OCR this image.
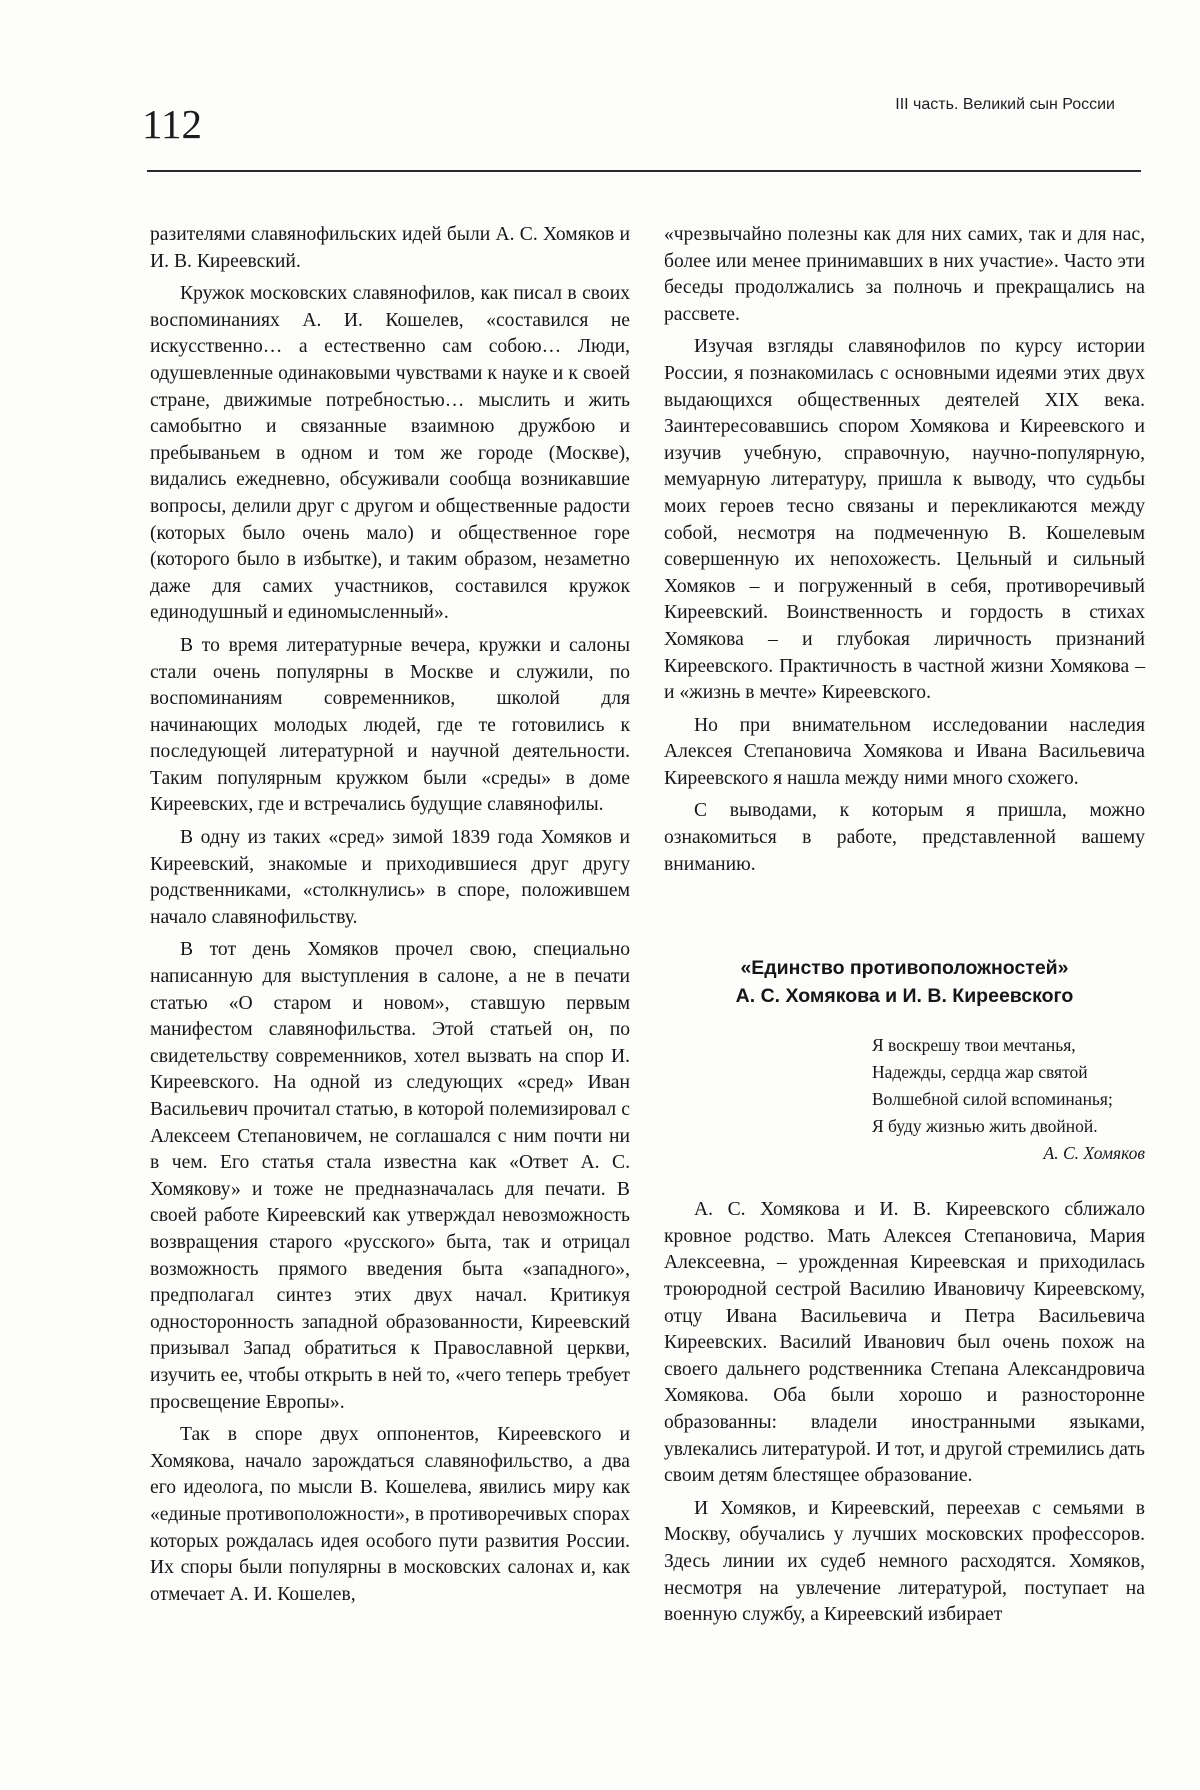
112	III часть. Великий сын России

разителями славянофильских идей были А. С. Хомяков и И. В. Киреевский.

Кружок московских славянофилов, как писал в своих воспоминаниях А. И. Кошелев, «составился не искусственно… а естественно сам собою… Люди, одушевленные одинаковыми чувствами к науке и к своей стране, движимые потребностью… мыслить и жить самобытно и связанные взаимною дружбою и пребываньем в одном и том же городе (Москве), видались ежедневно, обсуживали сообща возникавшие вопросы, делили друг с другом и общественные радости (которых было очень мало) и общественное горе (которого было в избытке), и таким образом, незаметно даже для самих участников, составился кружок единодушный и единомысленный».

В то время литературные вечера, кружки и салоны стали очень популярны в Москве и служили, по воспоминаниям современников, школой для начинающих молодых людей, где те готовились к последующей литературной и научной деятельности. Таким популярным кружком были «среды» в доме Киреевских, где и встречались будущие славянофилы.

В одну из таких «сред» зимой 1839 года Хомяков и Киреевский, знакомые и приходившиеся друг другу родственниками, «столкнулись» в споре, положившем начало славянофильству.

В тот день Хомяков прочел свою, специально написанную для выступления в салоне, а не в печати статью «О старом и новом», ставшую первым манифестом славянофильства. Этой статьей он, по свидетельству современников, хотел вызвать на спор И. Киреевского. На одной из следующих «сред» Иван Васильевич прочитал статью, в которой полемизировал с Алексеем Степановичем, не соглашался с ним почти ни в чем. Его статья стала известна как «Ответ А. С. Хомякову» и тоже не предназначалась для печати. В своей работе Киреевский как утверждал невозможность возвращения старого «русского» быта, так и отрицал возможность прямого введения быта «западного», предполагал синтез этих двух начал. Критикуя односторонность западной образованности, Киреевский призывал Запад обратиться к Православной церкви, изучить ее, чтобы открыть в ней то, «чего теперь требует просвещение Европы».

Так в споре двух оппонентов, Киреевского и Хомякова, начало зарождаться славянофильство, а два его идеолога, по мысли В. Кошелева, явились миру как «единые противоположности», в противоречивых спорах которых рождалась идея особого пути развития России. Их споры были популярны в московских салонах и, как отмечает А. И. Кошелев,

«чрезвычайно полезны как для них самих, так и для нас, более или менее принимавших в них участие». Часто эти беседы продолжались за полночь и прекращались на рассвете.

Изучая взгляды славянофилов по курсу истории России, я познакомилась с основными идеями этих двух выдающихся общественных деятелей XIX века. Заинтересовавшись спором Хомякова и Киреевского и изучив учебную, справочную, научно-популярную, мемуарную литературу, пришла к выводу, что судьбы моих героев тесно связаны и перекликаются между собой, несмотря на подмеченную В. Кошелевым совершенную их непохожесть. Цельный и сильный Хомяков – и погруженный в себя, противоречивый Киреевский. Воинственность и гордость в стихах Хомякова – и глубокая лиричность признаний Киреевского. Практичность в частной жизни Хомякова – и «жизнь в мечте» Киреевского.

Но при внимательном исследовании наследия Алексея Степановича Хомякова и Ивана Васильевича Киреевского я нашла между ними много схожего.

С выводами, к которым я пришла, можно ознакомиться в работе, представленной вашему вниманию.

«Единство противоположностей»
А. С. Хомякова и И. В. Киреевского
Я воскрешу твои мечтанья,
Надежды, сердца жар святой
Волшебной силой вспоминанья;
Я буду жизнью жить двойной.
А. С. Хомяков

А. С. Хомякова и И. В. Киреевского сближало кровное родство. Мать Алексея Степановича, Мария Алексеевна, – урожденная Киреевская и приходилась троюродной сестрой Василию Ивановичу Киреевскому, отцу Ивана Васильевича и Петра Васильевича Киреевских. Василий Иванович был очень похож на своего дальнего родственника Степана Александровича Хомякова. Оба были хорошо и разносторонне образованны: владели иностранными языками, увлекались литературой. И тот, и другой стремились дать своим детям блестящее образование.

И Хомяков, и Киреевский, переехав с семьями в Москву, обучались у лучших московских профессоров. Здесь линии их судеб немного расходятся. Хомяков, несмотря на увлечение литературой, поступает на военную службу, а Киреевский избирает
